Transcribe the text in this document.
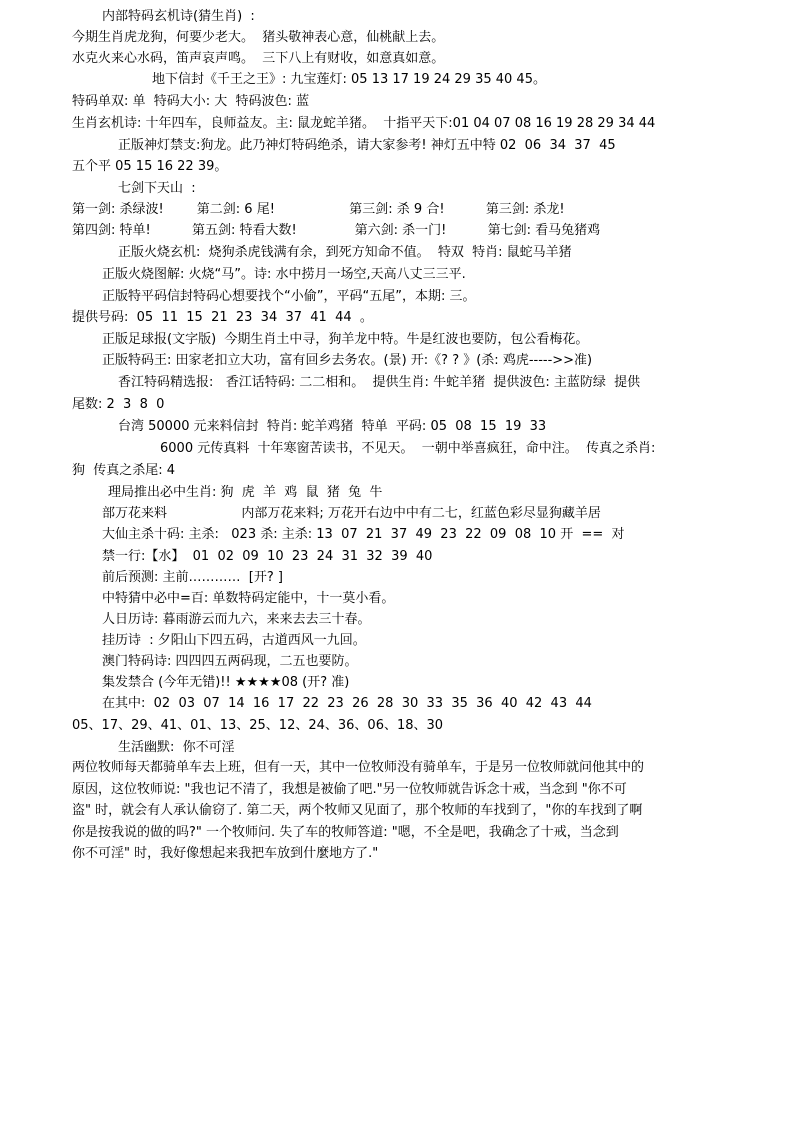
内部特码玄机诗(猜生肖)  :
今期生肖虎龙狗，何要少老大。  猪头敬神表心意，仙桃献上去。
水克火来心水码，笛声哀声鸣。  三下八上有财收，如意真如意。
地下信封《千王之王》: 九宝莲灯: 05 13 17 19 24 29 35 40 45。
特码单双: 单  特码大小: 大  特码波色: 蓝
生肖玄机诗: 十年四车，良师益友。主: 鼠龙蛇羊猪。  十指平天下:01 04 07 08 16 19 28 29 34 44
正版神灯禁支:狗龙。此乃神灯特码绝杀，请大家参考! 神灯五中特 02  06  34  37  45
五个平 05 15 16 22 39。
七剑下天山  :
第一剑: 杀绿波!        第二剑: 6 尾!                  第三剑: 杀 9 合!          第三剑: 杀龙!
第四剑: 特单!          第五剑: 特看大数!              第六剑: 杀一门!          第七剑: 看马兔猪鸡
正版火烧玄机:  烧狗杀虎钱满有余，到死方知命不值。  特双  特肖: 鼠蛇马羊猪
正版火烧图解: 火烧“马”。诗: 水中捞月一场空,天高八丈三三平.
正版特平码信封特码心想要找个“小偷”，平码“五尾”，本期: 三。
提供号码:  05  11  15  21  23  34  37  41  44  。
正版足球报(文字版)  今期生肖土中寻，狗羊龙中特。牛是红波也要防，包公看梅花。
正版特码王: 田家老扣立大功，富有回乡去务农。(景) 开:《? ? 》(杀: 鸡虎----->>准)
香江特码精选报:   香江话特码: 二二相和。  提供生肖: 牛蛇羊猪  提供波色: 主蓝防绿  提供
尾数: 2  3  8  0
台湾 50000 元来料信封  特肖: 蛇羊鸡猪  特单  平码: 05  08  15  19  33
6000 元传真料  十年寒窗苦读书，不见天。  一朝中举喜疯狂，命中注。  传真之杀肖:
狗  传真之杀尾: 4
理局推出必中生肖: 狗  虎  羊  鸡  鼠  猪  兔  牛
部万花来料                  内部万花来料; 万花开右边中中有二七，红蓝色彩尽显狗藏羊居
大仙主杀十码: 主杀:   023 杀: 主杀: 13  07  21  37  49  23  22  09  08  10 开  ==  对
禁一行:【水】  01  02  09  10  23  24  31  32  39  40
前后预测: 主前…………  [开? ]
中特猜中必中=百: 单数特码定能中，十一莫小看。
人日历诗: 暮雨游云而九六，来来去去三十春。
挂历诗  : 夕阳山下四五码，古道西风一九回。
澳门特码诗: 四四四五两码现，二五也要防。
集发禁合 (今年无错)!! ★★★★08 (开? 准)
在其中:  02  03  07  14  16  17  22  23  26  28  30  33  35  36  40  42  43  44
05、17、29、41、01、13、25、12、24、36、06、18、30
生活幽默:  你不可淫
两位牧师每天都骑单车去上班，但有一天，其中一位牧师没有骑单车，于是另一位牧师就问他其中的
原因，这位牧师说: "我也记不清了，我想是被偷了吧."另一位牧师就告诉念十戒，当念到 "你不可
盗" 时，就会有人承认偷窃了. 第二天，两个牧师又见面了，那个牧师的车找到了，"你的车找到了啊
你是按我说的做的吗?" 一个牧师问. 失了车的牧师答道: "嗯，不全是吧，我确念了十戒，当念到
你不可淫" 时，我好像想起来我把车放到什麼地方了."
